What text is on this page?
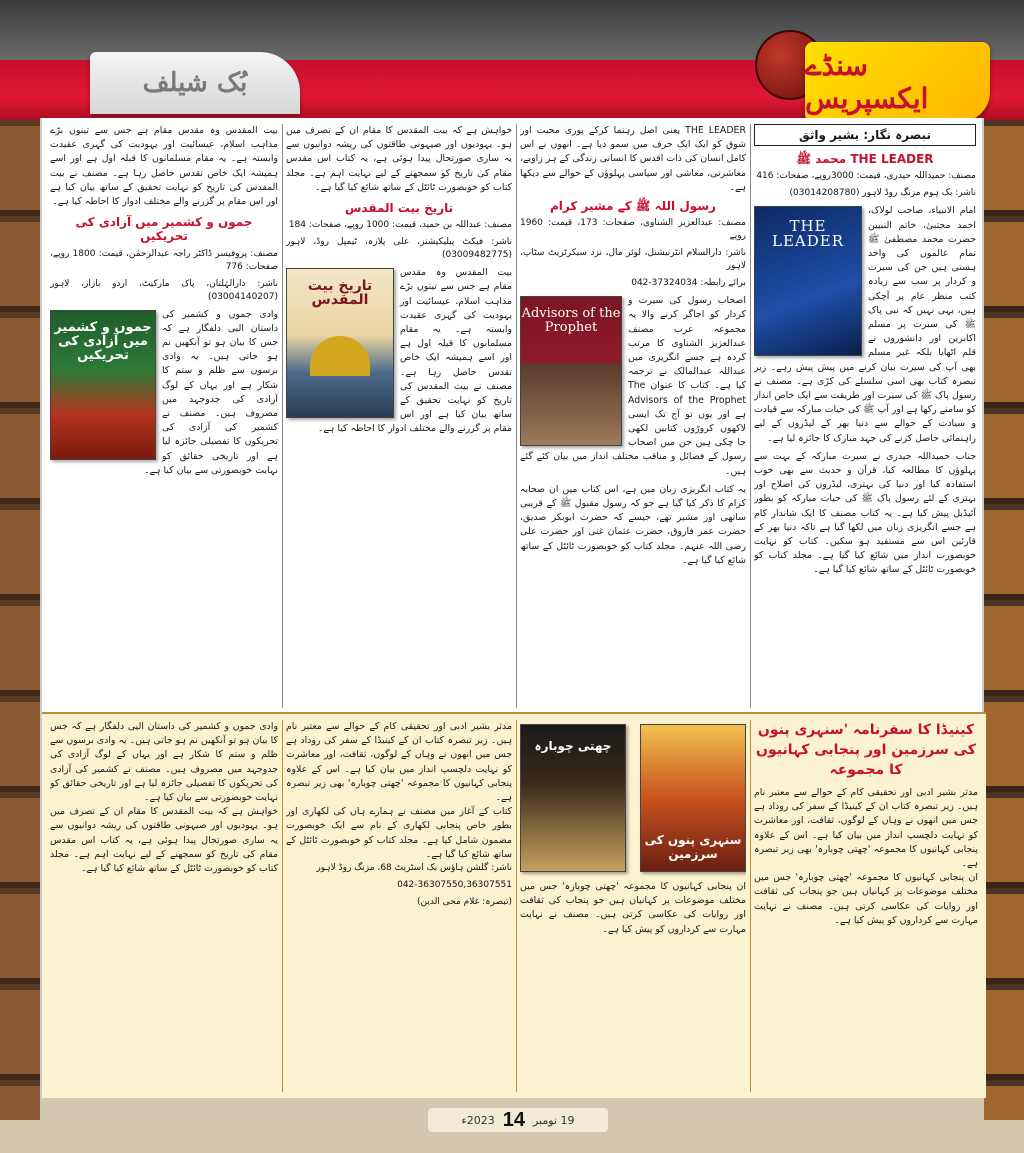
بُک شیلف
سنڈے ایکسپریس
تبصرہ نگار: بشیر واثق
THE LEADER محمد ﷺ
مصنف: حمیداللہ حیدری، قیمت: 3000روپے، صفحات: 416
ناشر: بک ہوم مزنگ روڈ لاہور (03014208780)
THE LEADER

امام الانبیاء، صاحب لولاک، احمد مجتبیٰ، خاتم النبیین حضرت محمد مصطفیٰ ﷺ تمام عالموں کی واحد ہستی ہیں جن کی سیرت و کردار پر سب سے زیادہ کتب منظر عام پر آچکی ہیں، یہی نہیں کہ نبی پاک ﷺ کی سیرت پر مسلم اکابرین اور دانشوروں نے قلم اٹھایا بلکہ غیر مسلم بھی آپ کی سیرت بیان کرنے میں پیش پیش رہے۔ زیر تبصرہ کتاب بھی اسی سلسلے کی کڑی ہے۔ مصنف نے رسول پاک ﷺ کی سیرت اور طریقت سے ایک خاص انداز کو سامنے رکھا ہے اور آپ ﷺ کی حیات مبارکہ سے قیادت و سیادت کے حوالے سے دنیا بھر کے لیڈروں کے لیے راہنمائی حاصل کرنے کی جہد مبارک کا جائزہ لیا ہے۔

جناب حمیداللہ حیدری نے سیرت مبارکہ کے بہت سے پہلوؤں کا مطالعہ کیا، قرآن و حدیث سے بھی خوب استفادہ کیا اور دنیا کی بہتری، لیڈروں کی اصلاح اور بہتری کے لئے رسول پاک ﷺ کی حیات مبارکہ کو بطور آئیڈیل پیش کیا ہے۔ یہ کتاب مصنف کا ایک شاندار کام ہے جسے انگریزی زبان میں لکھا گیا ہے تاکہ دنیا بھر کے قارئین اس سے مستفید ہو سکیں۔ کتاب کو نہایت خوبصورت انداز میں شائع کیا گیا ہے۔ مجلد کتاب کو خوبصورت ٹائٹل کے ساتھ شائع کیا گیا ہے۔

THE LEADER یعنی اصل رہنما کرکے پوری محبت اور شوق کو ایک ایک حرف میں سمو دیا ہے۔ انھوں نے اس کامل انسان کی ذات اقدس کا انسانی زندگی کے ہر زاویے، معاشرتی، معاشی اور سیاسی پہلوؤں کے حوالے سے دیکھا ہے۔

رسول اللہ ﷺ کے مشیر کرام
مصنف: عبدالعزیز الشناوی، صفحات: 173، قیمت: 1960 روپے
ناشر: دارالسلام انٹرنیشنل، لوئر مال، نزد سیکرٹریٹ سٹاپ، لاہور
برائے رابطہ: 37324034-042
Advisors of the Prophet

اصحاب رسول کی سیرت و کردار کو اجاگر کرنے والا یہ مجموعہ عرب مصنف عبدالعزیز الشناوی کا مرتب کردہ ہے جسے انگریزی میں عبداللہ عبدالمالک نے ترجمہ کیا ہے۔ کتاب کا عنوان The Advisors of the Prophet ہے اور یوں تو آج تک ایسی لاکھوں کروڑوں کتابیں لکھی جا چکی ہیں جن میں اصحاب رسول کے فضائل و مناقب مختلف انداز میں بیان کئے گئے ہیں۔

یہ کتاب انگریزی زبان میں ہے، اس کتاب میں ان صحابہ کرام کا ذکر کیا گیا ہے جو کہ رسول مقبول ﷺ کے قریبی ساتھی اور مشیر تھے، جیسے کہ حضرت ابوبکر صدیق، حضرت عمر فاروق، حضرت عثمان غنی اور حضرت علی رضی اللہ عنہم۔ مجلد کتاب کو خوبصورت ٹائٹل کے ساتھ شائع کیا گیا ہے۔

خواہش ہے کہ بیت المقدس کا مقام ان کے تصرف میں ہو۔ یہودیوں اور صیہونی طاقتوں کی ریشہ دوانیوں سے یہ ساری صورتحال پیدا ہوئی ہے، یہ کتاب اس مقدس مقام کی تاریخ کو سمجھنے کے لیے نہایت اہم ہے۔ مجلد کتاب کو خوبصورت ٹائٹل کے ساتھ شائع کیا گیا ہے۔

تاریخ بیت المقدس
مصنف: عبداللہ بن حمید، قیمت: 1000 روپے، صفحات: 184
ناشر: فیکٹ پبلیکیشنز، علی پلازہ، ٹیمپل روڈ، لاہور (03009482775)
تاریخ بیت المقدس

بیت المقدس وہ مقدس مقام ہے جس سے تینوں بڑے مذاہب اسلام، عیسائیت اور یہودیت کی گہری عقیدت وابستہ ہے۔ یہ مقام مسلمانوں کا قبلہ اول ہے اور اسے ہمیشہ ایک خاص تقدس حاصل رہا ہے۔ مصنف نے بیت المقدس کی تاریخ کو نہایت تحقیق کے ساتھ بیان کیا ہے اور اس مقام پر گزرنے والے مختلف ادوار کا احاطہ کیا ہے۔

بیت المقدس وہ مقدس مقام ہے جس سے تینوں بڑے مذاہب اسلام، عیسائیت اور یہودیت کی گہری عقیدت وابستہ ہے۔ یہ مقام مسلمانوں کا قبلہ اول ہے اور اسے ہمیشہ ایک خاص تقدس حاصل رہا ہے۔ مصنف نے بیت المقدس کی تاریخ کو نہایت تحقیق کے ساتھ بیان کیا ہے اور اس مقام پر گزرنے والے مختلف ادوار کا احاطہ کیا ہے۔

جموں و کشمیر میں آزادی کی تحریکیں
مصنف: پروفیسر ڈاکٹر راجہ عبدالرحمٰن، قیمت: 1800 روپے، صفحات: 776
ناشر: دارالہٰلتان، پاک مارکیٹ، اردو بازار، لاہور (03004140207)
جموں و کشمیر میں آزادی کی تحریکیں

وادی جموں و کشمیر کی داستان الیی دلفگار ہے کہ جس کا بیان ہو تو آنکھیں نم ہو جاتی ہیں۔ یہ وادی برسوں سے ظلم و ستم کا شکار ہے اور یہاں کے لوگ آزادی کی جدوجہد میں مصروف ہیں۔ مصنف نے کشمیر کی آزادی کی تحریکوں کا تفصیلی جائزہ لیا ہے اور تاریخی حقائق کو نہایت خوبصورتی سے بیان کیا ہے۔

کینیڈا کا سفرنامہ 'سنہری پنوں کی سرزمین اور پنجابی کہانیوں کا مجموعہ

مدثر بشیر ادبی اور تحقیقی کام کے حوالے سے معتبر نام ہیں۔ زیر تبصرہ کتاب ان کے کینیڈا کے سفر کی روداد ہے جس میں انھوں نے وہاں کے لوگوں، ثقافت، اور معاشرت کو نہایت دلچسپ انداز میں بیان کیا ہے۔ اس کے علاوہ پنجابی کہانیوں کا مجموعہ 'چھتی چوبارہ' بھی زیر تبصرہ ہے۔

ان پنجابی کہانیوں کا مجموعہ 'چھتی چوبارہ' جس میں مختلف موضوعات پر کہانیاں ہیں جو پنجاب کی ثقافت اور روایات کی عکاسی کرتی ہیں۔ مصنف نے نہایت مہارت سے کرداروں کو پیش کیا ہے۔

چھتی چوبارہ
سنہری پنوں کی سرزمین

ان پنجابی کہانیوں کا مجموعہ 'چھتی چوبارہ' جس میں مختلف موضوعات پر کہانیاں ہیں جو پنجاب کی ثقافت اور روایات کی عکاسی کرتی ہیں۔ مصنف نے نہایت مہارت سے کرداروں کو پیش کیا ہے۔

مدثر بشیر ادبی اور تحقیقی کام کے حوالے سے معتبر نام ہیں۔ زیر تبصرہ کتاب ان کے کینیڈا کے سفر کی روداد ہے جس میں انھوں نے وہاں کے لوگوں، ثقافت، اور معاشرت کو نہایت دلچسپ انداز میں بیان کیا ہے۔ اس کے علاوہ پنجابی کہانیوں کا مجموعہ 'چھتی چوبارہ' بھی زیر تبصرہ ہے۔

کتاب کے آغاز میں مصنف نے ہمارے ہاں کی لکھاری اور بطور خاص پنجابی لکھاری کے نام سے ایک خوبصورت مضمون شامل کیا ہے۔ مجلد کتاب کو خوبصورت ٹائٹل کے ساتھ شائع کیا گیا ہے۔

ناشر: گلشن ہاؤس بک اسٹریٹ 68، مزنگ روڈ لاہور
042-36307550,36307551
(تبصرہ: غلام محی الدین)

وادی جموں و کشمیر کی داستان الیی دلفگار ہے کہ جس کا بیان ہو تو آنکھیں نم ہو جاتی ہیں۔ یہ وادی برسوں سے ظلم و ستم کا شکار ہے اور یہاں کے لوگ آزادی کی جدوجہد میں مصروف ہیں۔ مصنف نے کشمیر کی آزادی کی تحریکوں کا تفصیلی جائزہ لیا ہے اور تاریخی حقائق کو نہایت خوبصورتی سے بیان کیا ہے۔

خواہش ہے کہ بیت المقدس کا مقام ان کے تصرف میں ہو۔ یہودیوں اور صیہونی طاقتوں کی ریشہ دوانیوں سے یہ ساری صورتحال پیدا ہوئی ہے، یہ کتاب اس مقدس مقام کی تاریخ کو سمجھنے کے لیے نہایت اہم ہے۔ مجلد کتاب کو خوبصورت ٹائٹل کے ساتھ شائع کیا گیا ہے۔

19 نومبر
14
2023ء
